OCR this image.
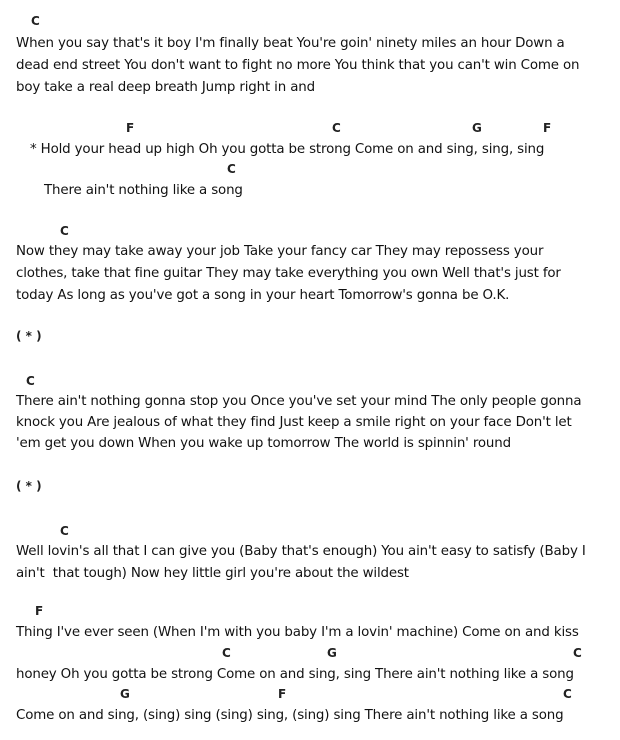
C
When you say that's it boy I'm finally beat You're goin' ninety miles an hour Down a
dead end street You don't want to fight no more You think that you can't win Come on
boy take a real deep breath Jump right in and
F	C	G	F
* Hold your head up high Oh you gotta be strong Come on and sing, sing, sing
C
There ain't nothing like a song
C
Now they may take away your job Take your fancy car They may repossess your
clothes, take that fine guitar They may take everything you own Well that's just for
today As long as you've got a song in your heart Tomorrow's gonna be O.K.
( * )
C
There ain't nothing gonna stop you Once you've set your mind The only people gonna
knock you Are jealous of what they find Just keep a smile right on your face Don't let
'em get you down When you wake up tomorrow The world is spinnin' round
( * )
C
Well lovin's all that I can give you (Baby that's enough) You ain't easy to satisfy (Baby I
ain't  that tough) Now hey little girl you're about the wildest
F
Thing I've ever seen (When I'm with you baby I'm a lovin' machine) Come on and kiss
C	G	C
honey Oh you gotta be strong Come on and sing, sing There ain't nothing like a song
G	F	C
Come on and sing, (sing) sing (sing) sing, (sing) sing There ain't nothing like a song
